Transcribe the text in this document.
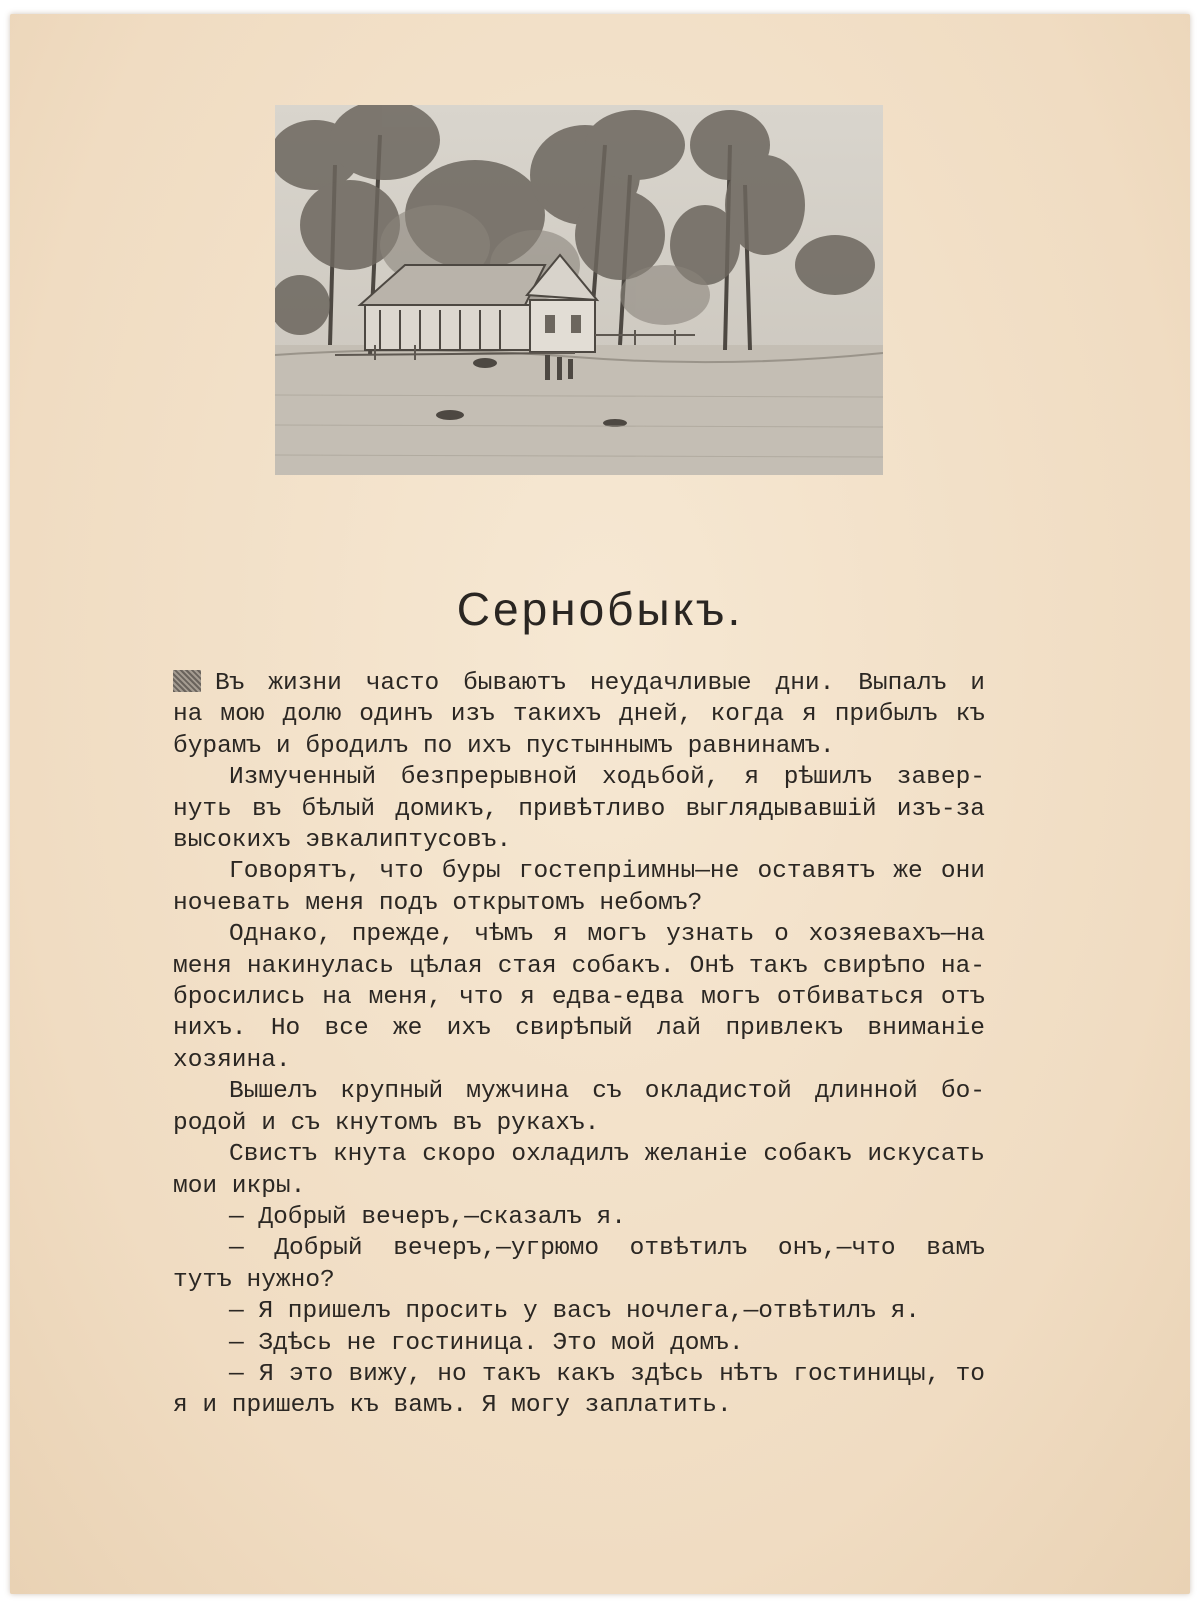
Сернобыкъ.
Въ жизни часто бываютъ неудачливые дни. Выпалъ и
на мою долю одинъ изъ такихъ дней, когда я прибылъ къ
бурамъ и бродилъ по ихъ пустыннымъ равнинамъ.
Измученный безпрерывной ходьбой, я рѣшилъ завер-
нуть въ бѣлый домикъ, привѣтливо выглядывавшій изъ-за
высокихъ эвкалиптусовъ.
Говорятъ, что буры гостепріимны—не оставятъ же они
ночевать меня подъ открытомъ небомъ?
Однако, прежде, чѣмъ я могъ узнать о хозяевахъ—на
меня накинулась цѣлая стая собакъ. Онѣ такъ свирѣпо на-
бросились на меня, что я едва-едва могъ отбиваться отъ
нихъ. Но все же ихъ свирѣпый лай привлекъ вниманіе
хозяина.
Вышелъ крупный мужчина съ окладистой длинной бо-
родой и съ кнутомъ въ рукахъ.
Свистъ кнута скоро охладилъ желаніе собакъ искусать
мои икры.
— Добрый вечеръ,—сказалъ я.
— Добрый вечеръ,—угрюмо отвѣтилъ онъ,—что вамъ
тутъ нужно?
— Я пришелъ просить у васъ ночлега,—отвѣтилъ я.
— Здѣсь не гостиница. Это мой домъ.
— Я это вижу, но такъ какъ здѣсь нѣтъ гостиницы, то
я и пришелъ къ вамъ. Я могу заплатить.
